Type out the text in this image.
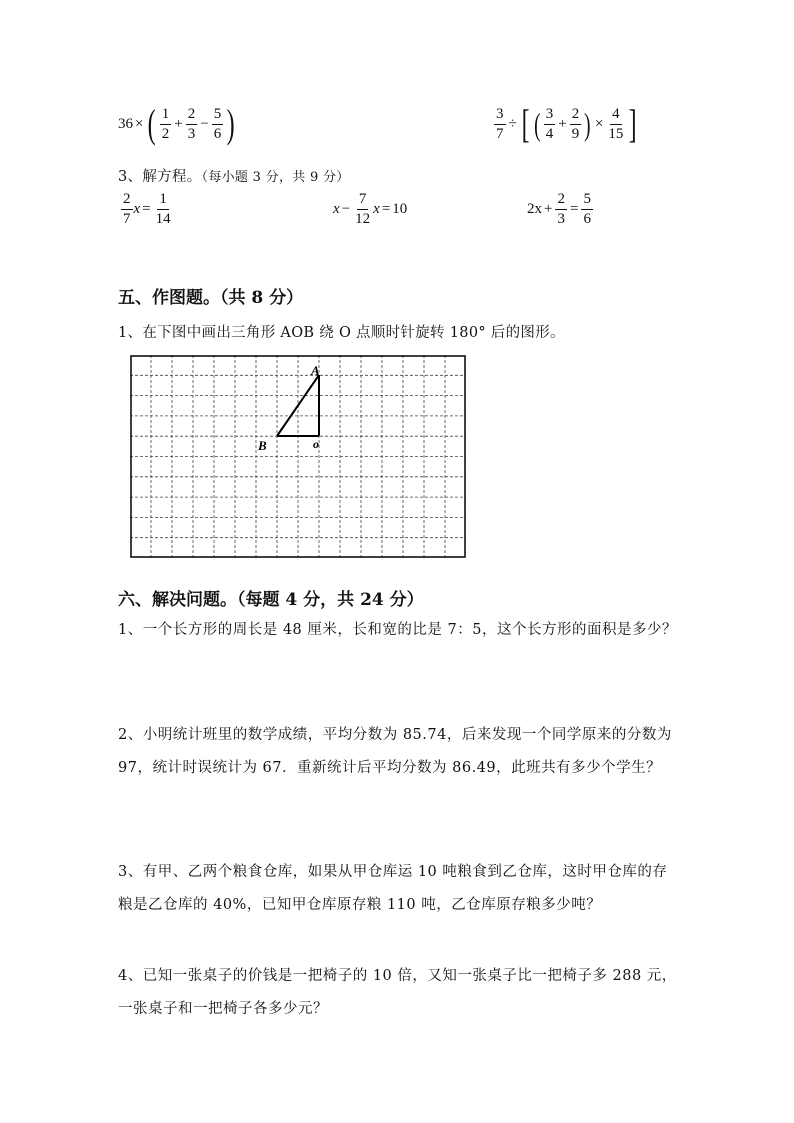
36 × ( $\frac{1}{2} + \frac{2}{3} - \frac{5}{6}$ )	$\frac{3}{7}$ ÷ [ ( $\frac{3}{4} + \frac{2}{9}$ ) × $\frac{4}{15}$ ]
3、解方程。（每小题 3 分，共 9 分）
$\frac{2}{7}$ $x = \frac{1}{14}$	$x - \frac{7}{12}$ x = 10	$2x + \frac{2}{3} = \frac{5}{6}$
五、作图题。（共 8 分）
1、在下图中画出三角形 AOB 绕 O 点顺时针旋转 180° 后的图形。
A
B	o
六、解决问题。（每题 4 分，共 24 分）
1、一个长方形的周长是 48 厘米，长和宽的比是 7：5，这个长方形的面积是多少？
2、小明统计班里的数学成绩，平均分数为 85.74，后来发现一个同学原来的分数为 97，统计时误统计为 67．重新统计后平均分数为 86.49，此班共有多少个学生？
3、有甲、乙两个粮食仓库，如果从甲仓库运 10 吨粮食到乙仓库，这时甲仓库的存粮是乙仓库的 40%，已知甲仓库原存粮 110 吨，乙仓库原存粮多少吨？
4、已知一张桌子的价钱是一把椅子的 10 倍，又知一张桌子比一把椅子多 288 元，一张桌子和一把椅子各多少元？
